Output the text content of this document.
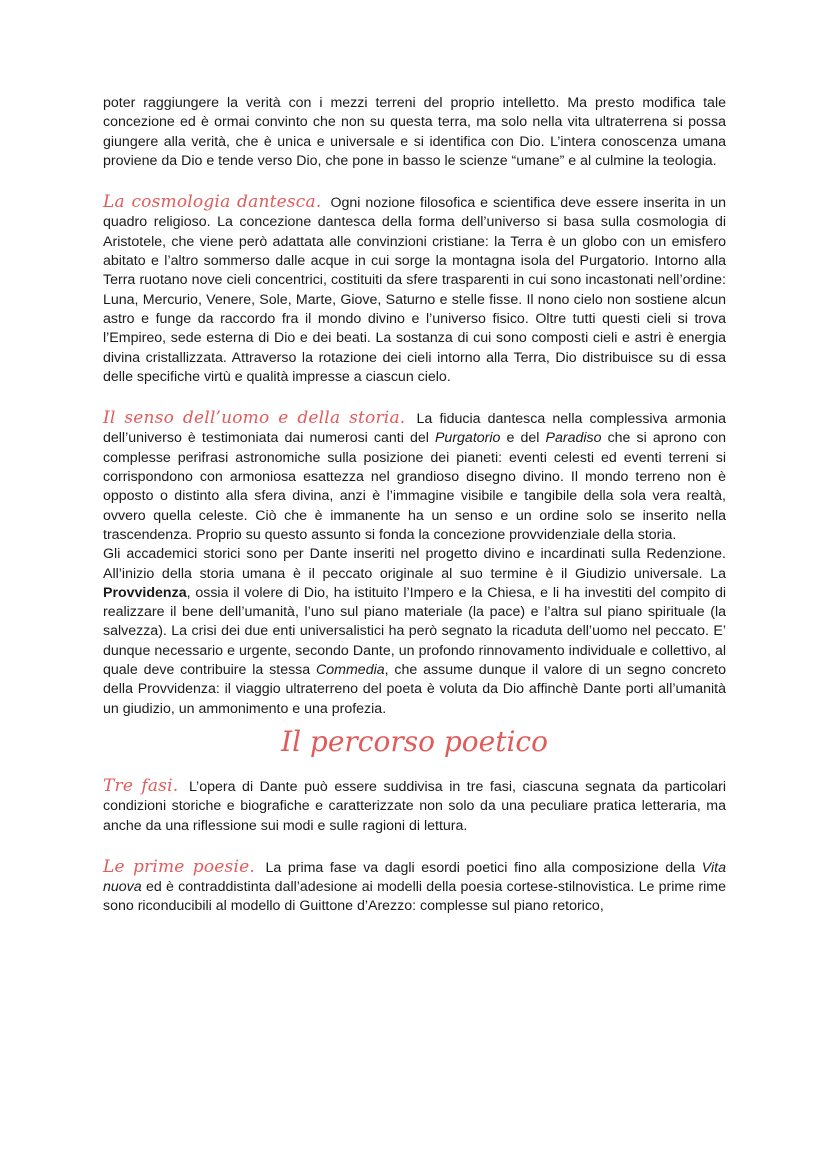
poter raggiungere la verità con i mezzi terreni del proprio intelletto. Ma presto modifica tale concezione ed è ormai convinto che non su questa terra, ma solo nella vita ultraterrena si possa giungere alla verità, che è unica e universale e si identifica con Dio. L’intera conoscenza umana proviene da Dio e tende verso Dio, che pone in basso le scienze “umane” e al culmine la teologia.

La cosmologia dantesca. Ogni nozione filosofica e scientifica deve essere inserita in un quadro religioso. La concezione dantesca della forma dell’universo si basa sulla cosmologia di Aristotele, che viene però adattata alle convinzioni cristiane: la Terra è un globo con un emisfero abitato e l’altro sommerso dalle acque in cui sorge la montagna isola del Purgatorio. Intorno alla Terra ruotano nove cieli concentrici, costituiti da sfere trasparenti in cui sono incastonati nell’ordine: Luna, Mercurio, Venere, Sole, Marte, Giove, Saturno e stelle fisse. Il nono cielo non sostiene alcun astro e funge da raccordo fra il mondo divino e l’universo fisico. Oltre tutti questi cieli si trova l’Empireo, sede esterna di Dio e dei beati. La sostanza di cui sono composti cieli e astri è energia divina cristallizzata. Attraverso la rotazione dei cieli intorno alla Terra, Dio distribuisce su di essa delle specifiche virtù e qualità impresse a ciascun cielo.

Il senso dell’uomo e della storia. La fiducia dantesca nella complessiva armonia dell’universo è testimoniata dai numerosi canti del Purgatorio e del Paradiso che si aprono con complesse perifrasi astronomiche sulla posizione dei pianeti: eventi celesti ed eventi terreni si corrispondono con armoniosa esattezza nel grandioso disegno divino. Il mondo terreno non è opposto o distinto alla sfera divina, anzi è l’immagine visibile e tangibile della sola vera realtà, ovvero quella celeste. Ciò che è immanente ha un senso e un ordine solo se inserito nella trascendenza. Proprio su questo assunto si fonda la concezione provvidenziale della storia.

Gli accademici storici sono per Dante inseriti nel progetto divino e incardinati sulla Redenzione. All’inizio della storia umana è il peccato originale al suo termine è il Giudizio universale. La Provvidenza, ossia il volere di Dio, ha istituito l’Impero e la Chiesa, e li ha investiti del compito di realizzare il bene dell’umanità, l’uno sul piano materiale (la pace) e l’altra sul piano spirituale (la salvezza). La crisi dei due enti universalistici ha però segnato la ricaduta dell’uomo nel peccato. E’ dunque necessario e urgente, secondo Dante, un profondo rinnovamento individuale e collettivo, al quale deve contribuire la stessa Commedia, che assume dunque il valore di un segno concreto della Provvidenza: il viaggio ultraterreno del poeta è voluta da Dio affinchè Dante porti all’umanità un giudizio, un ammonimento e una profezia.

Il percorso poetico

Tre fasi. L’opera di Dante può essere suddivisa in tre fasi, ciascuna segnata da particolari condizioni storiche e biografiche e caratterizzate non solo da una peculiare pratica letteraria, ma anche da una riflessione sui modi e sulle ragioni di lettura.

Le prime poesie. La prima fase va dagli esordi poetici fino alla composizione della Vita nuova ed è contraddistinta dall’adesione ai modelli della poesia cortese-stilnovistica. Le prime rime sono riconducibili al modello di Guittone d’Arezzo: complesse sul piano retorico,
